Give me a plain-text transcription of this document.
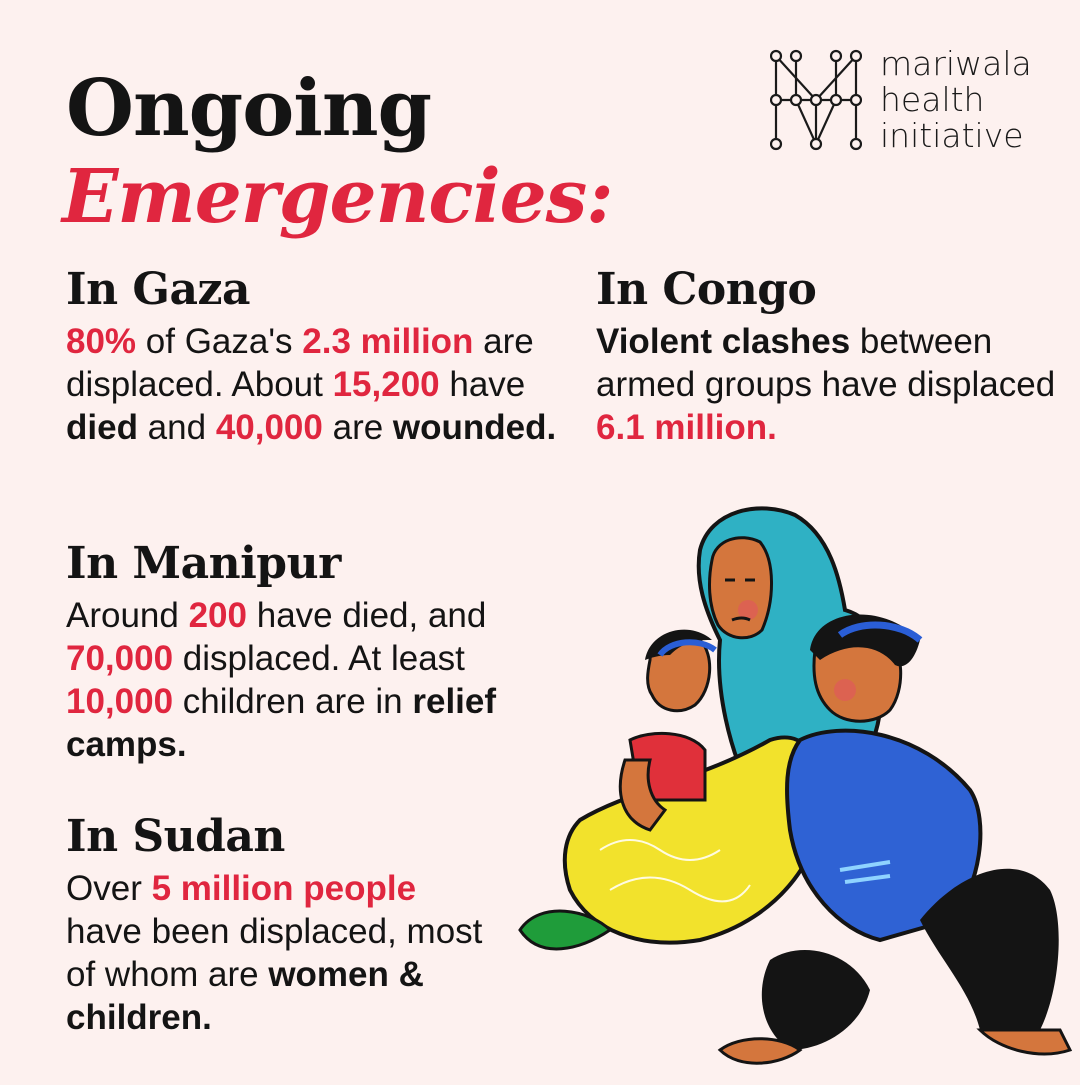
Ongoing
Emergencies:
mariwala
health
initiative
In Gaza

80% of Gaza's 2.3 million are displaced. About 15,200 have died and 40,000 are wounded.

In Congo

Violent clashes between armed groups have displaced 6.1 million.

In Manipur

Around 200 have died, and 70,000 displaced. At least 10,000 children are in relief camps.

In Sudan

Over 5 million people have been displaced, most of whom are women & children.
